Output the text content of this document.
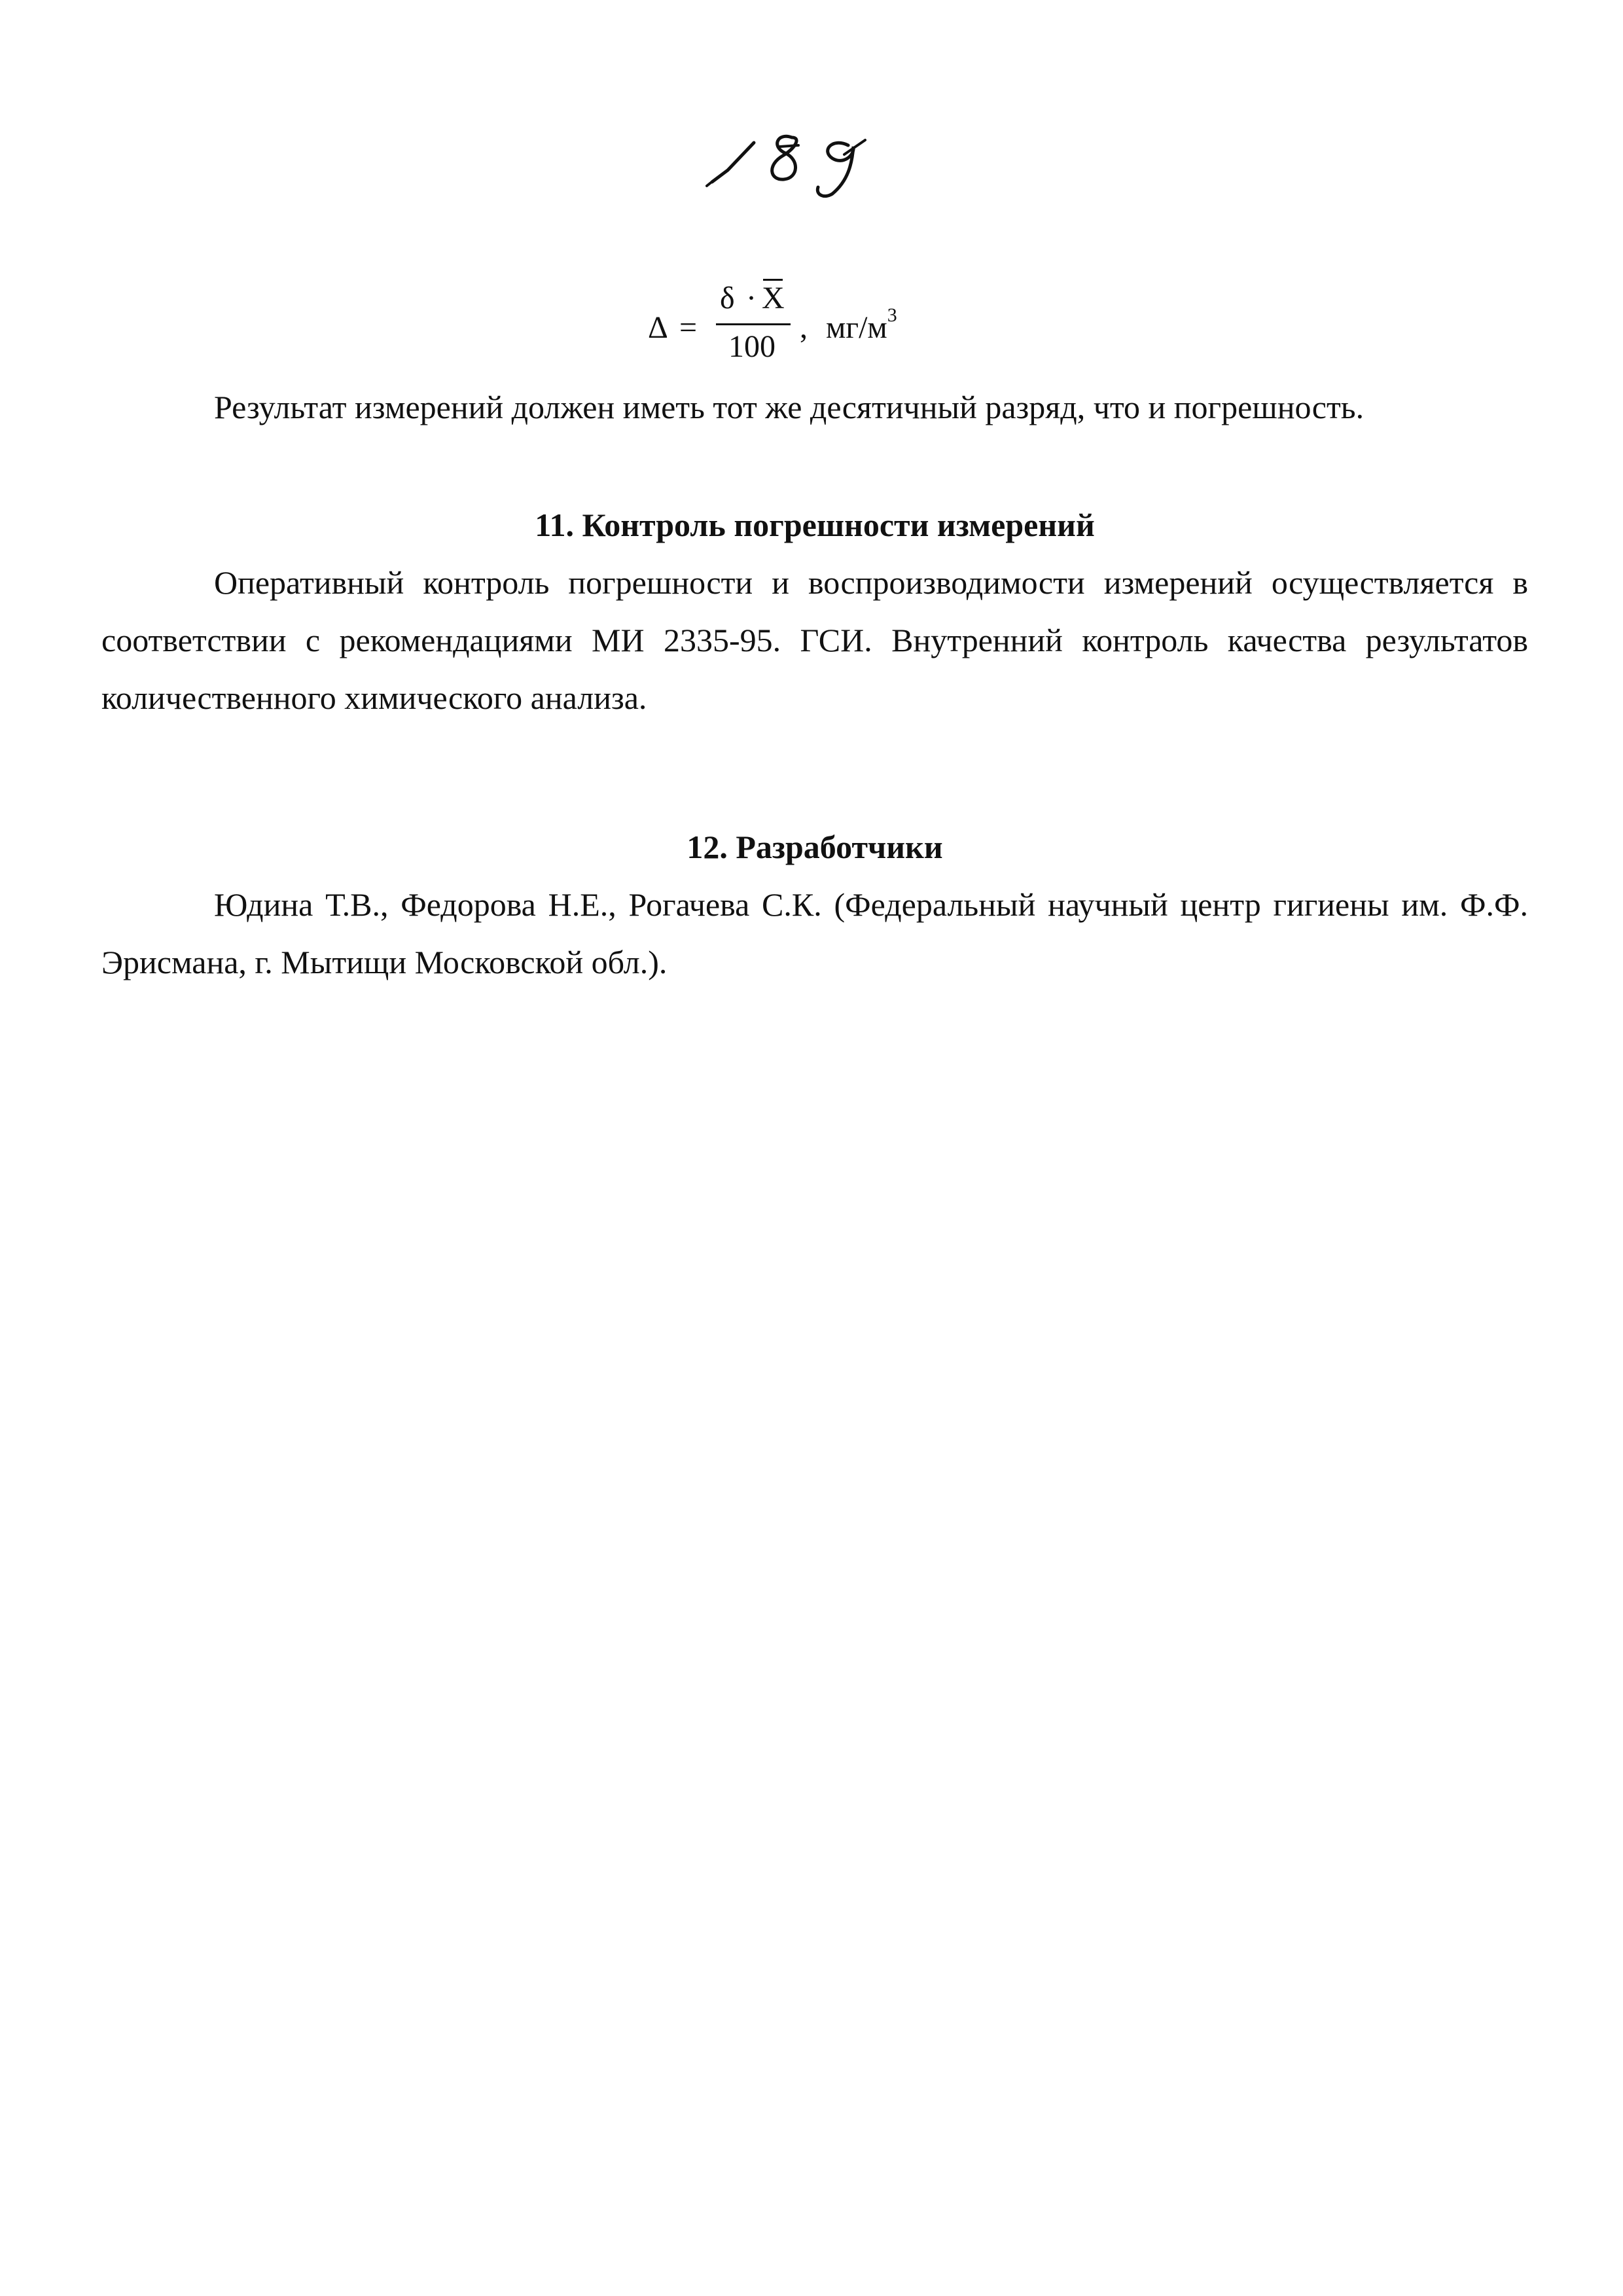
Δ =
δ · X
100
, $мг/м^3$

Результат измерений должен иметь тот же десятичный разряд, что и погрешность.

11. Контроль погрешности измерений

Оперативный контроль погрешности и воспроизводимости измерений осуществляется в соответствии с рекомендациями МИ 2335-95. ГСИ. Внутренний контроль качества результатов количественного химического анализа.

12. Разработчики

Юдина Т.В., Федорова Н.Е., Рогачева С.К. (Федеральный научный центр гигиены им. Ф.Ф. Эрисмана, г. Мытищи Московской обл.).
